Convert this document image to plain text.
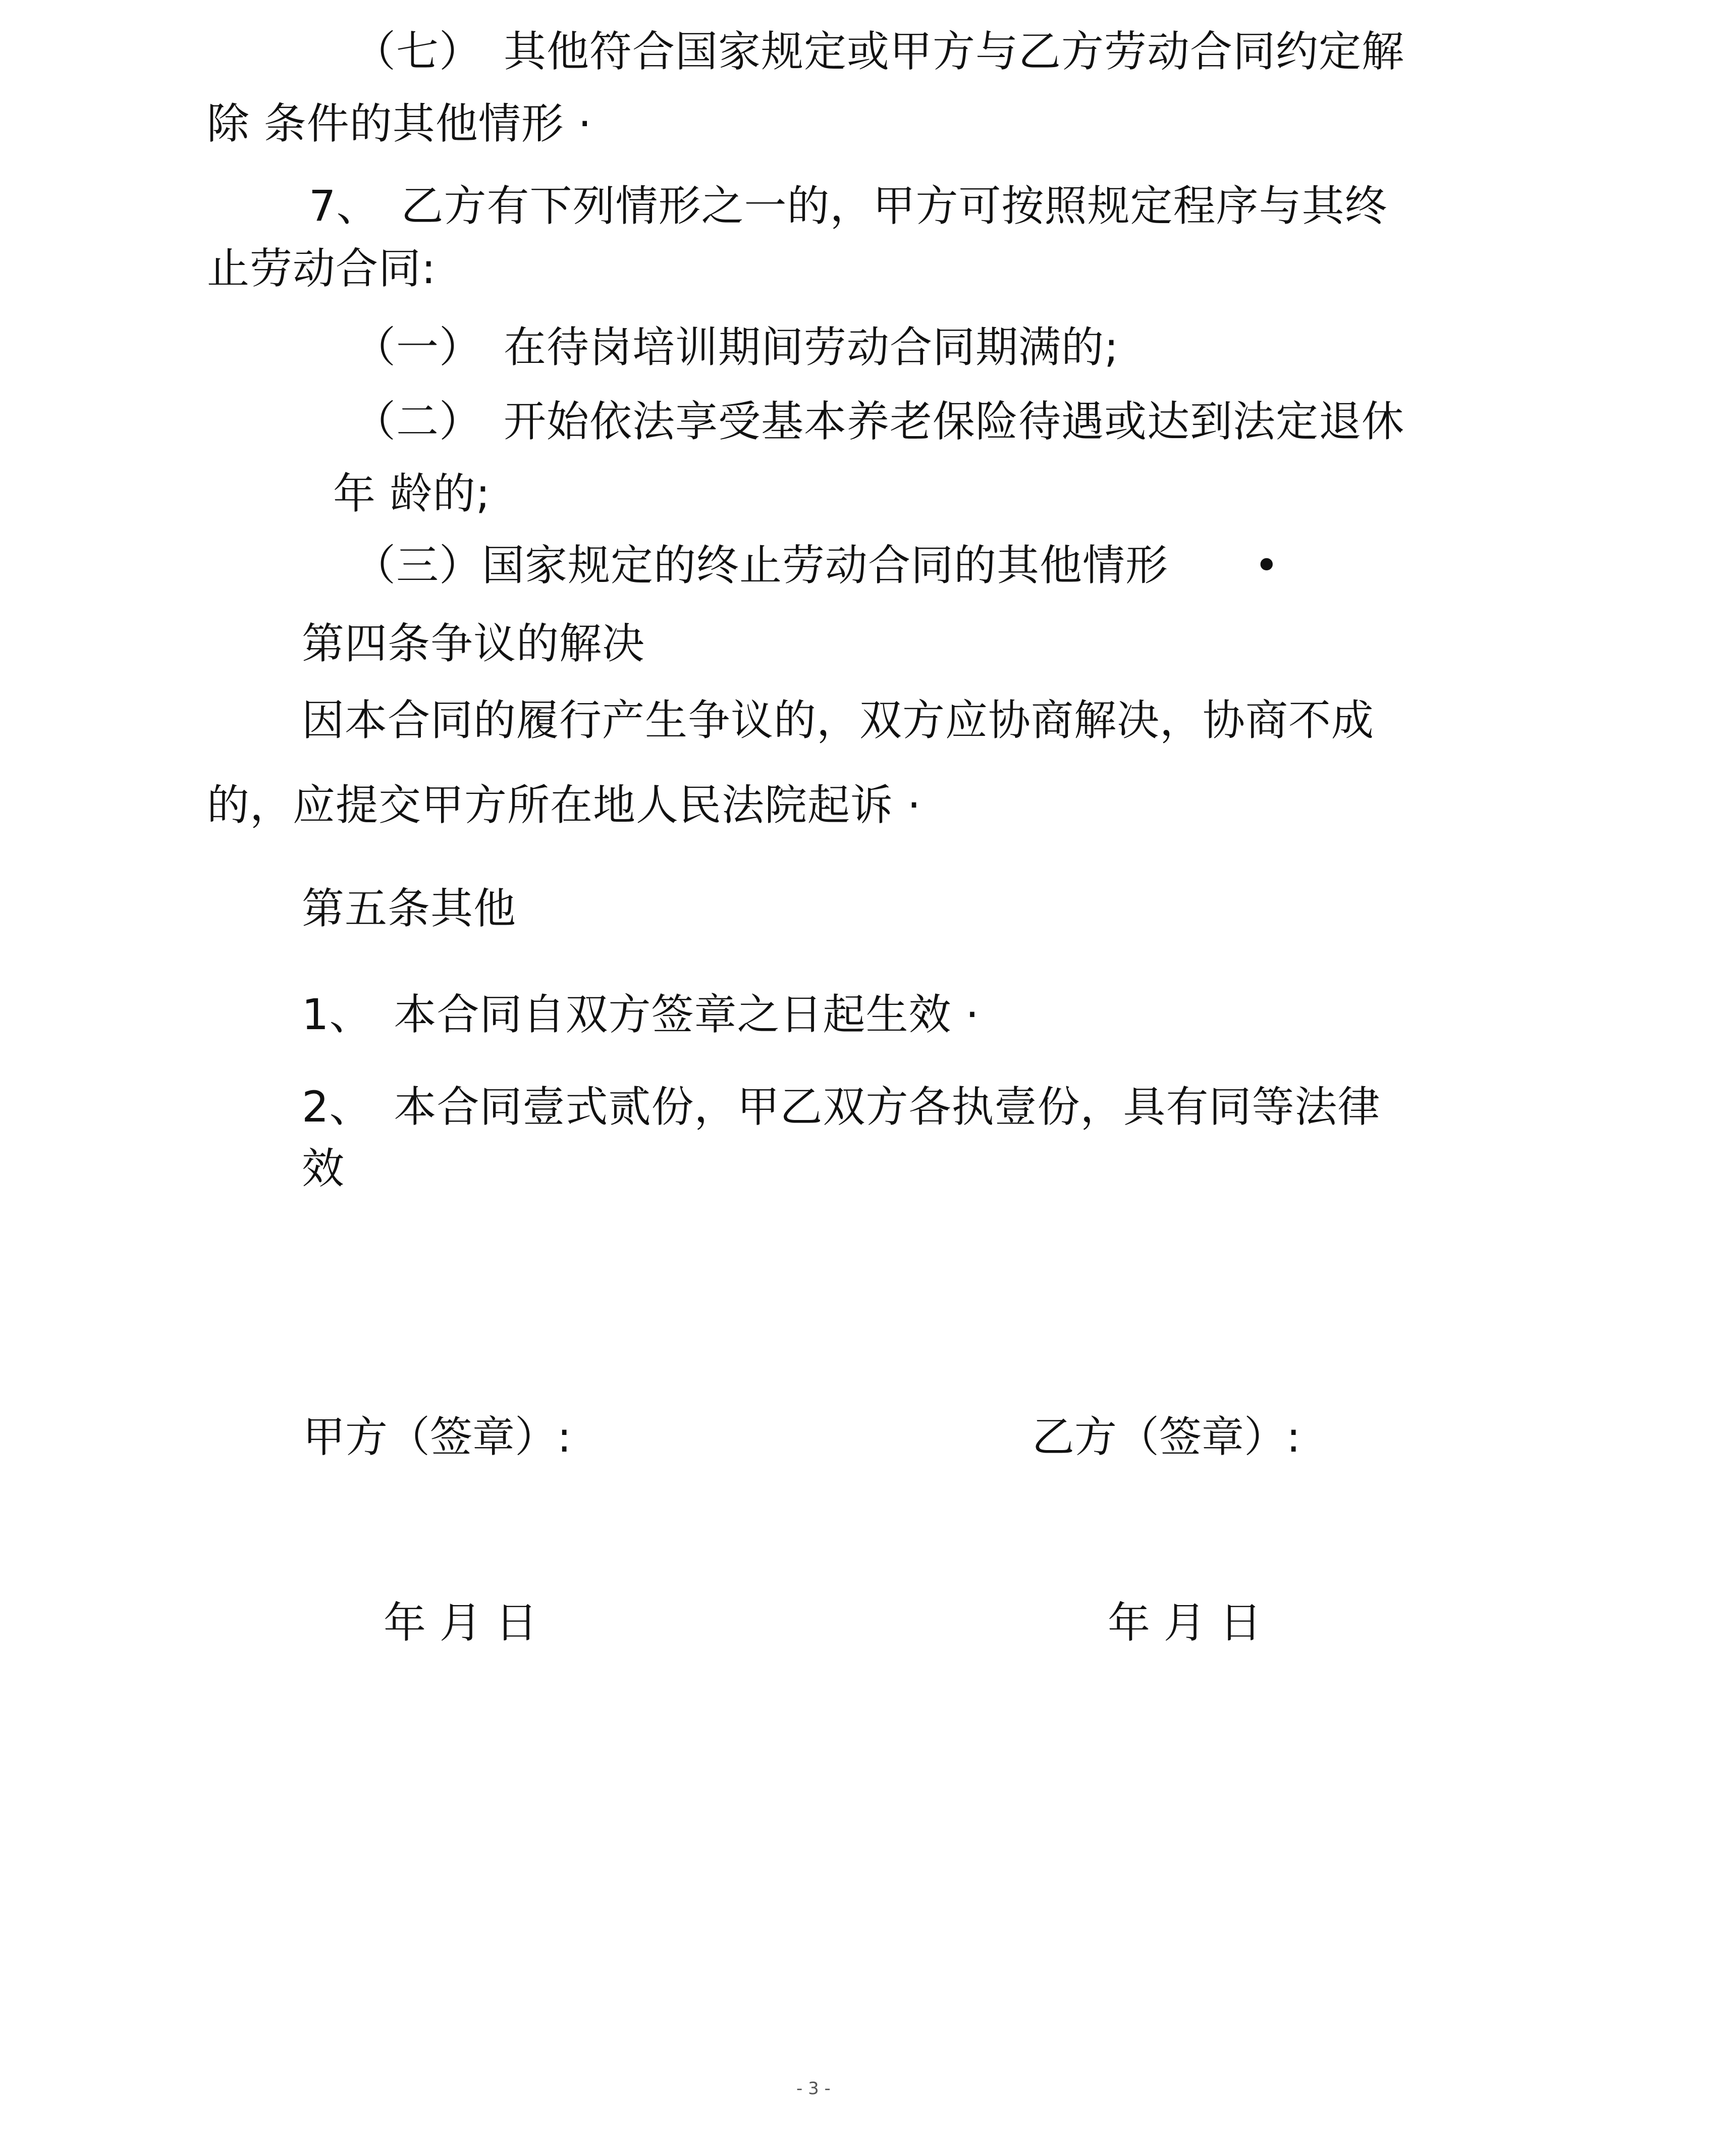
（七）　其他符合国家规定或甲方与乙方劳动合同约定解
除 条件的其他情形 ·
7、　乙方有下列情形之一的，甲方可按照规定程序与其终
止劳动合同:
（一）　在待岗培训期间劳动合同期满的;
（二）　开始依法享受基本养老保险待遇或达到法定退休
年 龄的;
（三）国家规定的终止劳动合同的其他情形 •
第四条争议的解决
因本合同的履行产生争议的，双方应协商解决，协商不成
的，应提交甲方所在地人民法院起诉 ·
第五条其他
1、　本合同自双方签章之日起生效 ·
2、　本合同壹式贰份，甲乙双方各执壹份，具有同等法律
效
甲方（签章）:	乙方（签章）:
年 月 日	年 月 日
- 3 -
